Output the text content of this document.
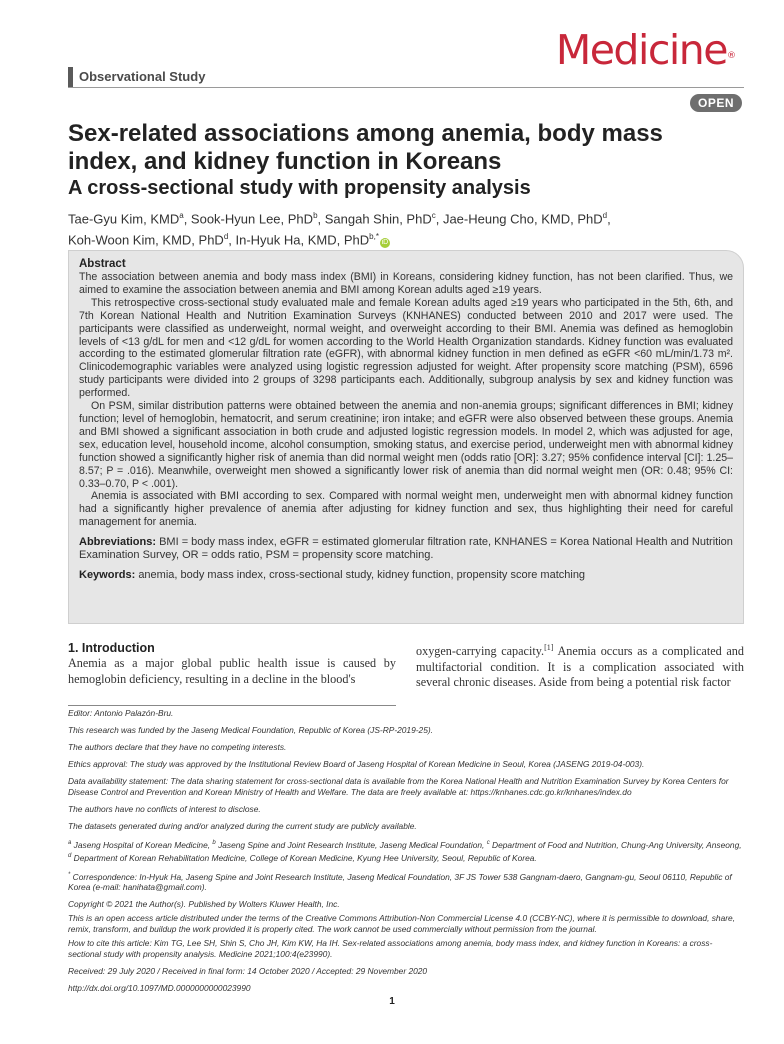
Observational Study
Medicine®
OPEN
Sex-related associations among anemia, body mass index, and kidney function in Koreans
A cross-sectional study with propensity analysis
Tae-Gyu Kim, KMD$^a$, Sook-Hyun Lee, PhD$^b$, Sangah Shin, PhD$^c$, Jae-Heung Cho, KMD, PhD$^d$,
Koh-Woon Kim, KMD, PhD$^d$, In-Hyuk Ha, KMD, PhD$^{b,*}$iD
Abstract

The association between anemia and body mass index (BMI) in Koreans, considering kidney function, has not been clarified. Thus, we aimed to examine the association between anemia and BMI among Korean adults aged ≥19 years.

This retrospective cross-sectional study evaluated male and female Korean adults aged ≥19 years who participated in the 5th, 6th, and 7th Korean National Health and Nutrition Examination Surveys (KNHANES) conducted between 2010 and 2017 were used. The participants were classified as underweight, normal weight, and overweight according to their BMI. Anemia was defined as hemoglobin levels of <13 g/dL for men and <12 g/dL for women according to the World Health Organization standards. Kidney function was evaluated according to the estimated glomerular filtration rate (eGFR), with abnormal kidney function in men defined as eGFR <60 mL/min/1.73 m². Clinicodemographic variables were analyzed using logistic regression adjusted for weight. After propensity score matching (PSM), 6596 study participants were divided into 2 groups of 3298 participants each. Additionally, subgroup analysis by sex and kidney function was performed.

On PSM, similar distribution patterns were obtained between the anemia and non-anemia groups; significant differences in BMI; kidney function; level of hemoglobin, hematocrit, and serum creatinine; iron intake; and eGFR were also observed between these groups. Anemia and BMI showed a significant association in both crude and adjusted logistic regression models. In model 2, which was adjusted for age, sex, education level, household income, alcohol consumption, smoking status, and exercise period, underweight men with abnormal kidney function showed a significantly higher risk of anemia than did normal weight men (odds ratio [OR]: 3.27; 95% confidence interval [CI]: 1.25–8.57; P = .016). Meanwhile, overweight men showed a significantly lower risk of anemia than did normal weight men (OR: 0.48; 95% CI: 0.33–0.70, P < .001).

Anemia is associated with BMI according to sex. Compared with normal weight men, underweight men with abnormal kidney function had a significantly higher prevalence of anemia after adjusting for kidney function and sex, thus highlighting their need for careful management for anemia.

Abbreviations: BMI = body mass index, eGFR = estimated glomerular filtration rate, KNHANES = Korea National Health and Nutrition Examination Survey, OR = odds ratio, PSM = propensity score matching.

Keywords: anemia, body mass index, cross-sectional study, kidney function, propensity score matching

1. Introduction

Anemia as a major global public health issue is caused by hemoglobin deficiency, resulting in a decline in the blood's

oxygen-carrying capacity.[1] Anemia occurs as a complicated and multifactorial condition. It is a complication associated with several chronic diseases. Aside from being a potential risk factor

Editor: Antonio Palazón-Bru.
This research was funded by the Jaseng Medical Foundation, Republic of Korea (JS-RP-2019-25).
The authors declare that they have no competing interests.
Ethics approval: The study was approved by the Institutional Review Board of Jaseng Hospital of Korean Medicine in Seoul, Korea (JASENG 2019-04-003).
Data availability statement: The data sharing statement for cross-sectional data is available from the Korea National Health and Nutrition Examination Survey by Korea Centers for Disease Control and Prevention and Korean Ministry of Health and Welfare. The data are freely available at: https://knhanes.cdc.go.kr/knhanes/index.do
The authors have no conflicts of interest to disclose.
The datasets generated during and/or analyzed during the current study are publicly available.
$^a$ Jaseng Hospital of Korean Medicine, $^b$ Jaseng Spine and Joint Research Institute, Jaseng Medical Foundation, $^c$ Department of Food and Nutrition, Chung-Ang University, Anseong, $^d$ Department of Korean Rehabilitation Medicine, College of Korean Medicine, Kyung Hee University, Seoul, Republic of Korea.
* Correspondence: In-Hyuk Ha, Jaseng Spine and Joint Research Institute, Jaseng Medical Foundation, 3F JS Tower 538 Gangnam-daero, Gangnam-gu, Seoul 06110, Republic of Korea (e-mail: hanihata@gmail.com).
Copyright © 2021 the Author(s). Published by Wolters Kluwer Health, Inc.
This is an open access article distributed under the terms of the Creative Commons Attribution-Non Commercial License 4.0 (CCBY-NC), where it is permissible to download, share, remix, transform, and buildup the work provided it is properly cited. The work cannot be used commercially without permission from the journal.
How to cite this article: Kim TG, Lee SH, Shin S, Cho JH, Kim KW, Ha IH. Sex-related associations among anemia, body mass index, and kidney function in Koreans: a cross-sectional study with propensity analysis. Medicine 2021;100:4(e23990).
Received: 29 July 2020 / Received in final form: 14 October 2020 / Accepted: 29 November 2020
http://dx.doi.org/10.1097/MD.0000000000023990
1
